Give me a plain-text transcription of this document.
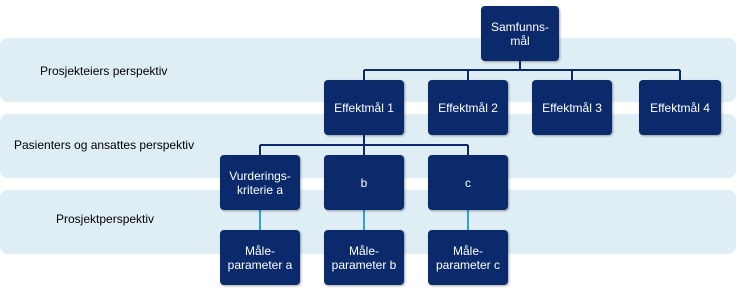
Prosjekteiers perspektiv
Pasienters og ansattes perspektiv
Prosjektperspektiv
Samfunns-
mål
Effektmål 1	Effektmål 2	Effektmål 3	Effektmål 4
Vurderings-
kriterie a	b	c
Måle-
parameter a
Måle-
parameter b
Måle-
parameter c
